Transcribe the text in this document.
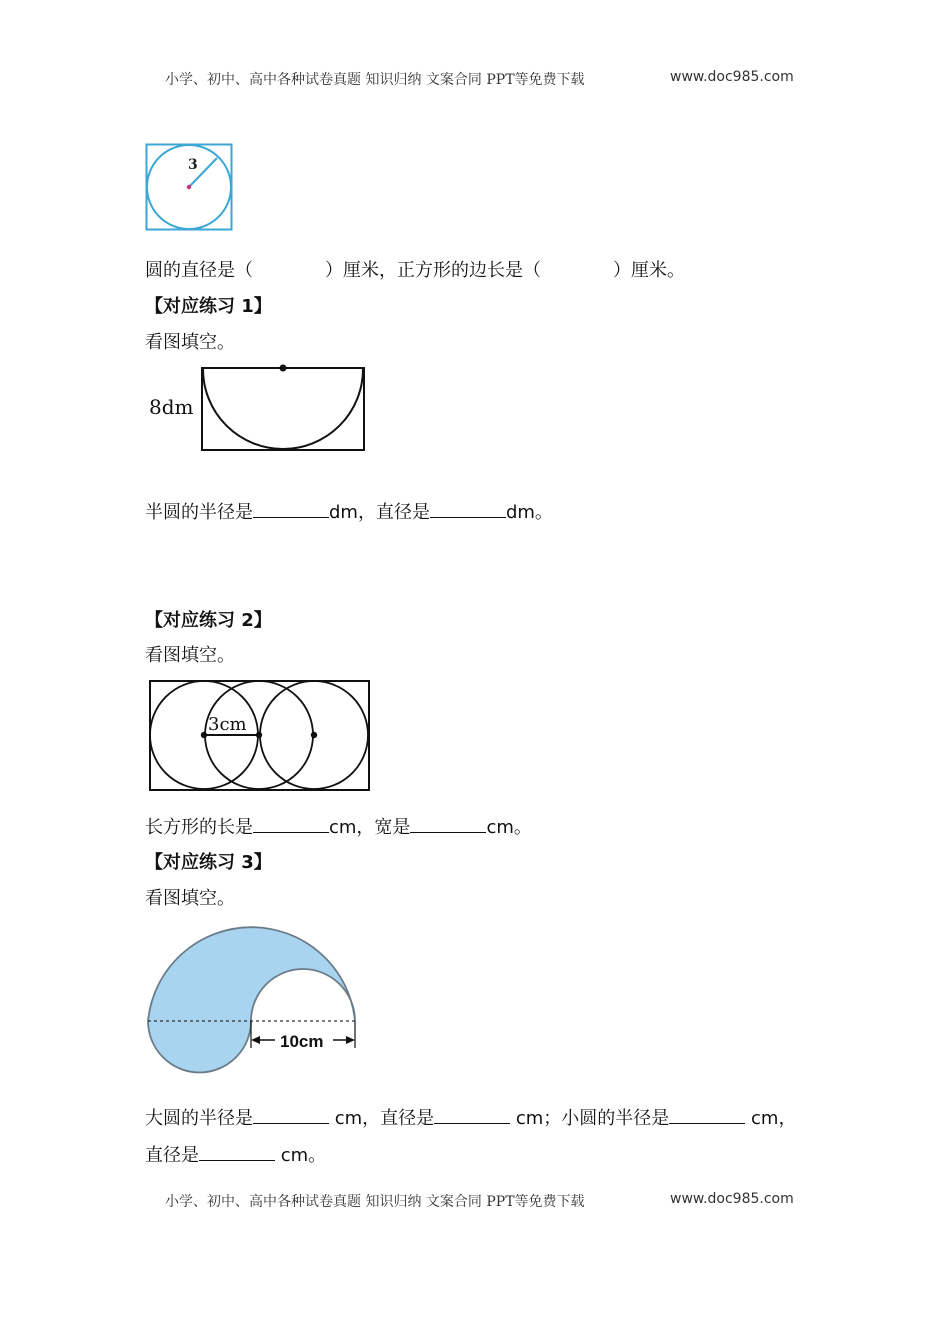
小学、初中、高中各种试卷真题 知识归纳 文案合同 PPT等免费下载	www.doc985.com
3
圆的直径是（	）厘米，正方形的边长是（	）厘米。
【对应练习 1】
看图填空。
8dm
半圆的半径是	dm，直径是	dm。
【对应练习 2】
看图填空。
3cm
长方形的长是	cm，宽是	cm。
【对应练习 3】
看图填空。
10cm
大圆的半径是	cm，直径是	cm；小圆的半径是	cm，
直径是	cm。
小学、初中、高中各种试卷真题 知识归纳 文案合同 PPT等免费下载	www.doc985.com
